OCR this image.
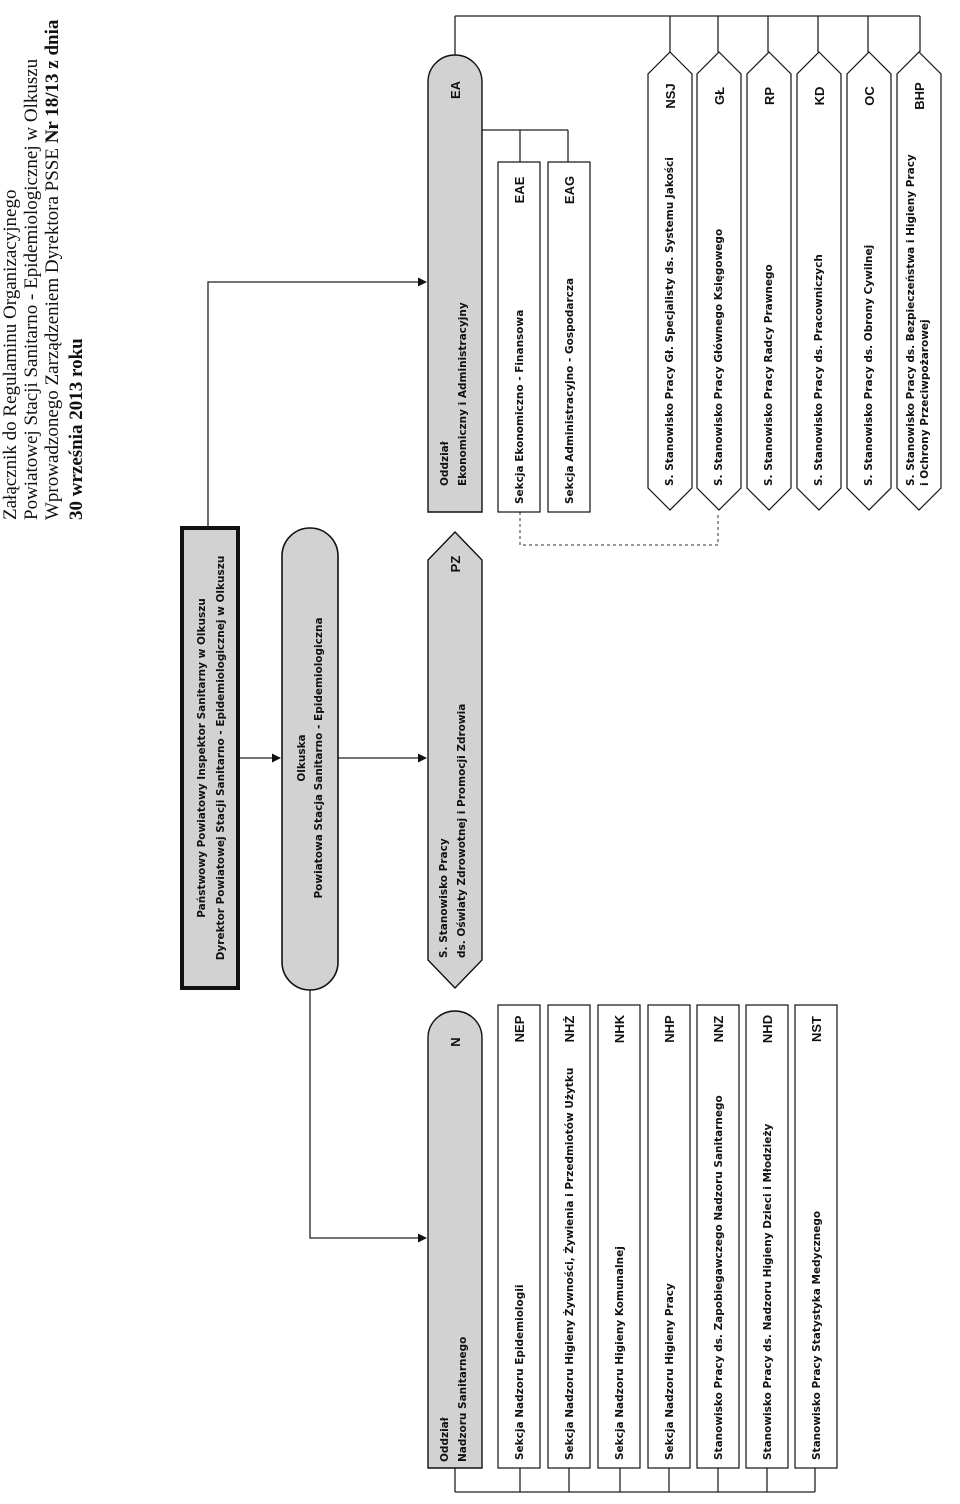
Załącznik do Regulaminu Organizacyjnego Powiatowej Stacji Sanitarno - Epidemiologicznej w Olkuszu Wprowadzonego Zarządzeniem Dyrektora PSSE Nr 18/13 z dnia
30 września 2013 roku
Państwowy Powiatowy Inspektor Sanitarny w Olkuszu Dyrektor Powiatowej Stacji Sanitarno - Epidemiologicznej w Olkuszu	Olkuska Powiatowa Stacja Sanitarno - Epidemiologiczna
Oddział Nadzoru Sanitarnego
N
S. Stanowisko Pracy ds. Oświaty Zdrowotnej i Promocji Zdrowia
PZ
Oddział Ekonomiczny i Administracyjny
EA
Sekcja Nadzoru Epidemiologii
NEP
Sekcja Nadzoru Higieny Żywności, Żywienia i Przedmiotów Użytku
NHŻ
Sekcja Nadzoru Higieny Komunalnej
NHK
Sekcja Nadzoru Higieny Pracy
NHP
Stanowisko Pracy ds. Zapobiegawczego Nadzoru Sanitarnego
NNZ
Stanowisko Pracy ds. Nadzoru Higieny Dzieci i Młodzieży
NHD
Stanowisko Pracy Statystyka Medycznego
NST
Sekcja Ekonomiczno - Finansowa
EAE
Sekcja Administracyjno - Gospodarcza
EAG	S. Stanowisko Pracy Gł. Specjalisty ds. Systemu Jakości
NSJ
S. Stanowisko Pracy Głównego Księgowego
GŁ
S. Stanowisko Pracy Radcy Prawnego
RP
S. Stanowisko Pracy ds. Pracowniczych
KD
S. Stanowisko Pracy ds. Obrony Cywilnej
OC
S. Stanowisko Pracy ds. Bezpieczeństwa i Higieny Pracy i Ochrony Przeciwpożarowej
BHP
